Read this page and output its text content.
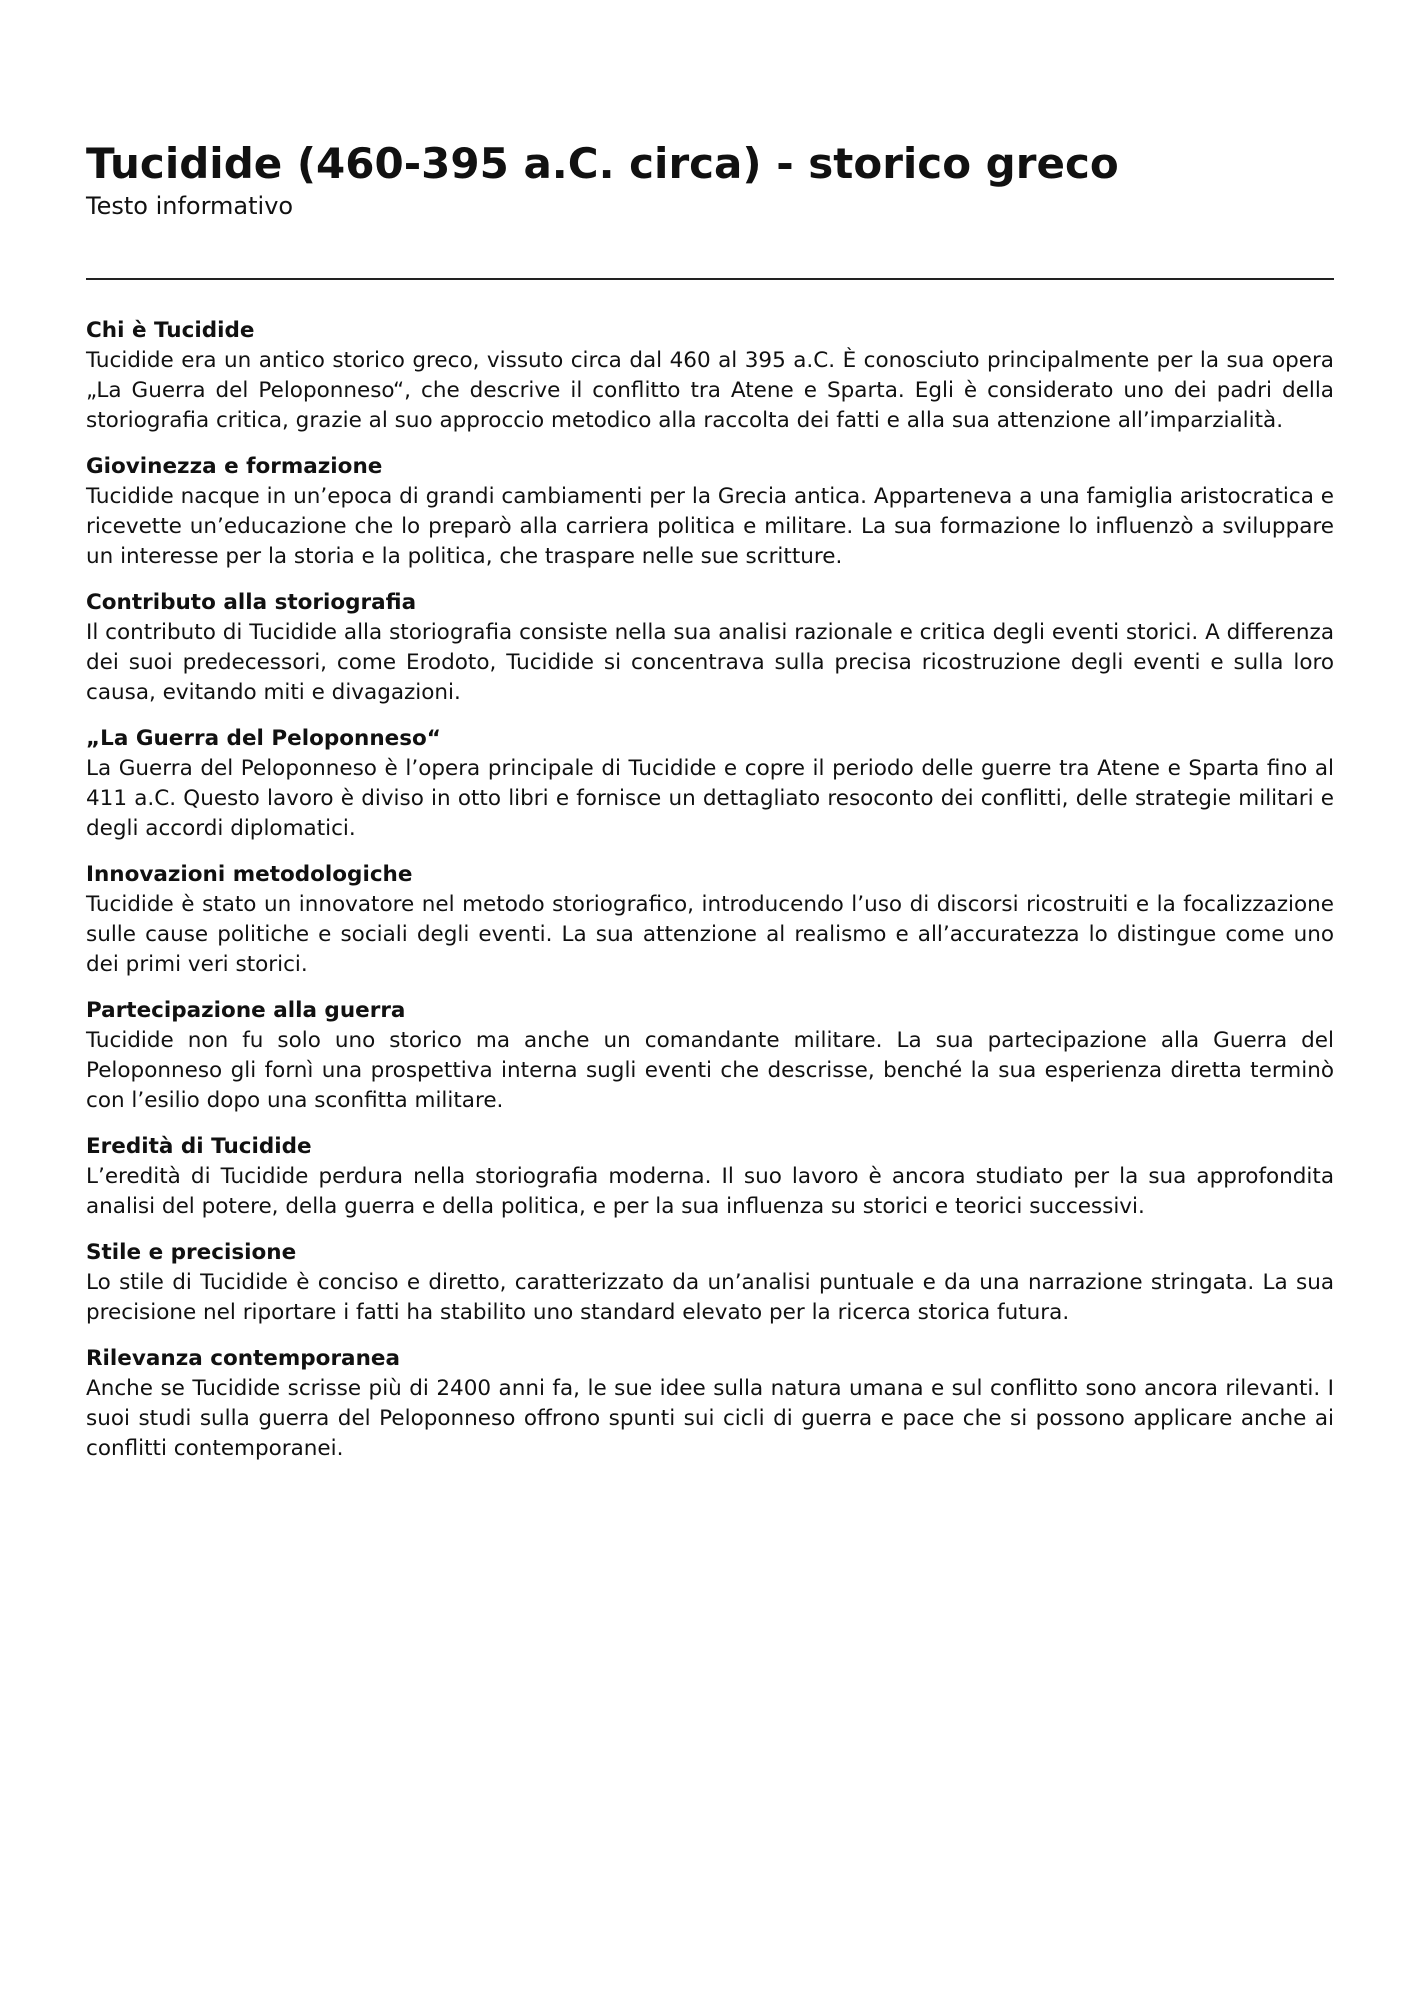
Tucidide (460-395 a.C. circa) - storico greco
Testo informativo
Chi è Tucidide

Tucidide era un antico storico greco, vissuto circa dal 460 al 395 a.C. È conosciuto principalmente per la sua opera „La Guerra del Peloponneso“, che descrive il conflitto tra Atene e Sparta. Egli è considerato uno dei padri della storiografia critica, grazie al suo approccio metodico alla raccolta dei fatti e alla sua attenzione all’imparzialità.

Giovinezza e formazione

Tucidide nacque in un’epoca di grandi cambiamenti per la Grecia antica. Apparteneva a una famiglia aristocratica e ricevette un’educazione che lo preparò alla carriera politica e militare. La sua formazione lo influenzò a sviluppare un interesse per la storia e la politica, che traspare nelle sue scritture.

Contributo alla storiografia

Il contributo di Tucidide alla storiografia consiste nella sua analisi razionale e critica degli eventi storici. A differenza dei suoi predecessori, come Erodoto, Tucidide si concentrava sulla precisa ricostruzione degli eventi e sulla loro causa, evitando miti e divagazioni.

„La Guerra del Peloponneso“

La Guerra del Peloponneso è l’opera principale di Tucidide e copre il periodo delle guerre tra Atene e Sparta fino al 411 a.C. Questo lavoro è diviso in otto libri e fornisce un dettagliato resoconto dei conflitti, delle strategie militari e degli accordi diplomatici.

Innovazioni metodologiche

Tucidide è stato un innovatore nel metodo storiografico, introducendo l’uso di discorsi ricostruiti e la focalizzazione sulle cause politiche e sociali degli eventi. La sua attenzione al realismo e all’accuratezza lo distingue come uno dei primi veri storici.

Partecipazione alla guerra

Tucidide non fu solo uno storico ma anche un comandante militare. La sua partecipazione alla Guerra del Peloponneso gli fornì una prospettiva interna sugli eventi che descrisse, benché la sua esperienza diretta terminò con l’esilio dopo una sconfitta militare.

Eredità di Tucidide

L’eredità di Tucidide perdura nella storiografia moderna. Il suo lavoro è ancora studiato per la sua approfondita analisi del potere, della guerra e della politica, e per la sua influenza su storici e teorici successivi.

Stile e precisione

Lo stile di Tucidide è conciso e diretto, caratterizzato da un’analisi puntuale e da una narrazione stringata. La sua precisione nel riportare i fatti ha stabilito uno standard elevato per la ricerca storica futura.

Rilevanza contemporanea

Anche se Tucidide scrisse più di 2400 anni fa, le sue idee sulla natura umana e sul conflitto sono ancora rilevanti. I suoi studi sulla guerra del Peloponneso offrono spunti sui cicli di guerra e pace che si possono applicare anche ai conflitti contemporanei.
